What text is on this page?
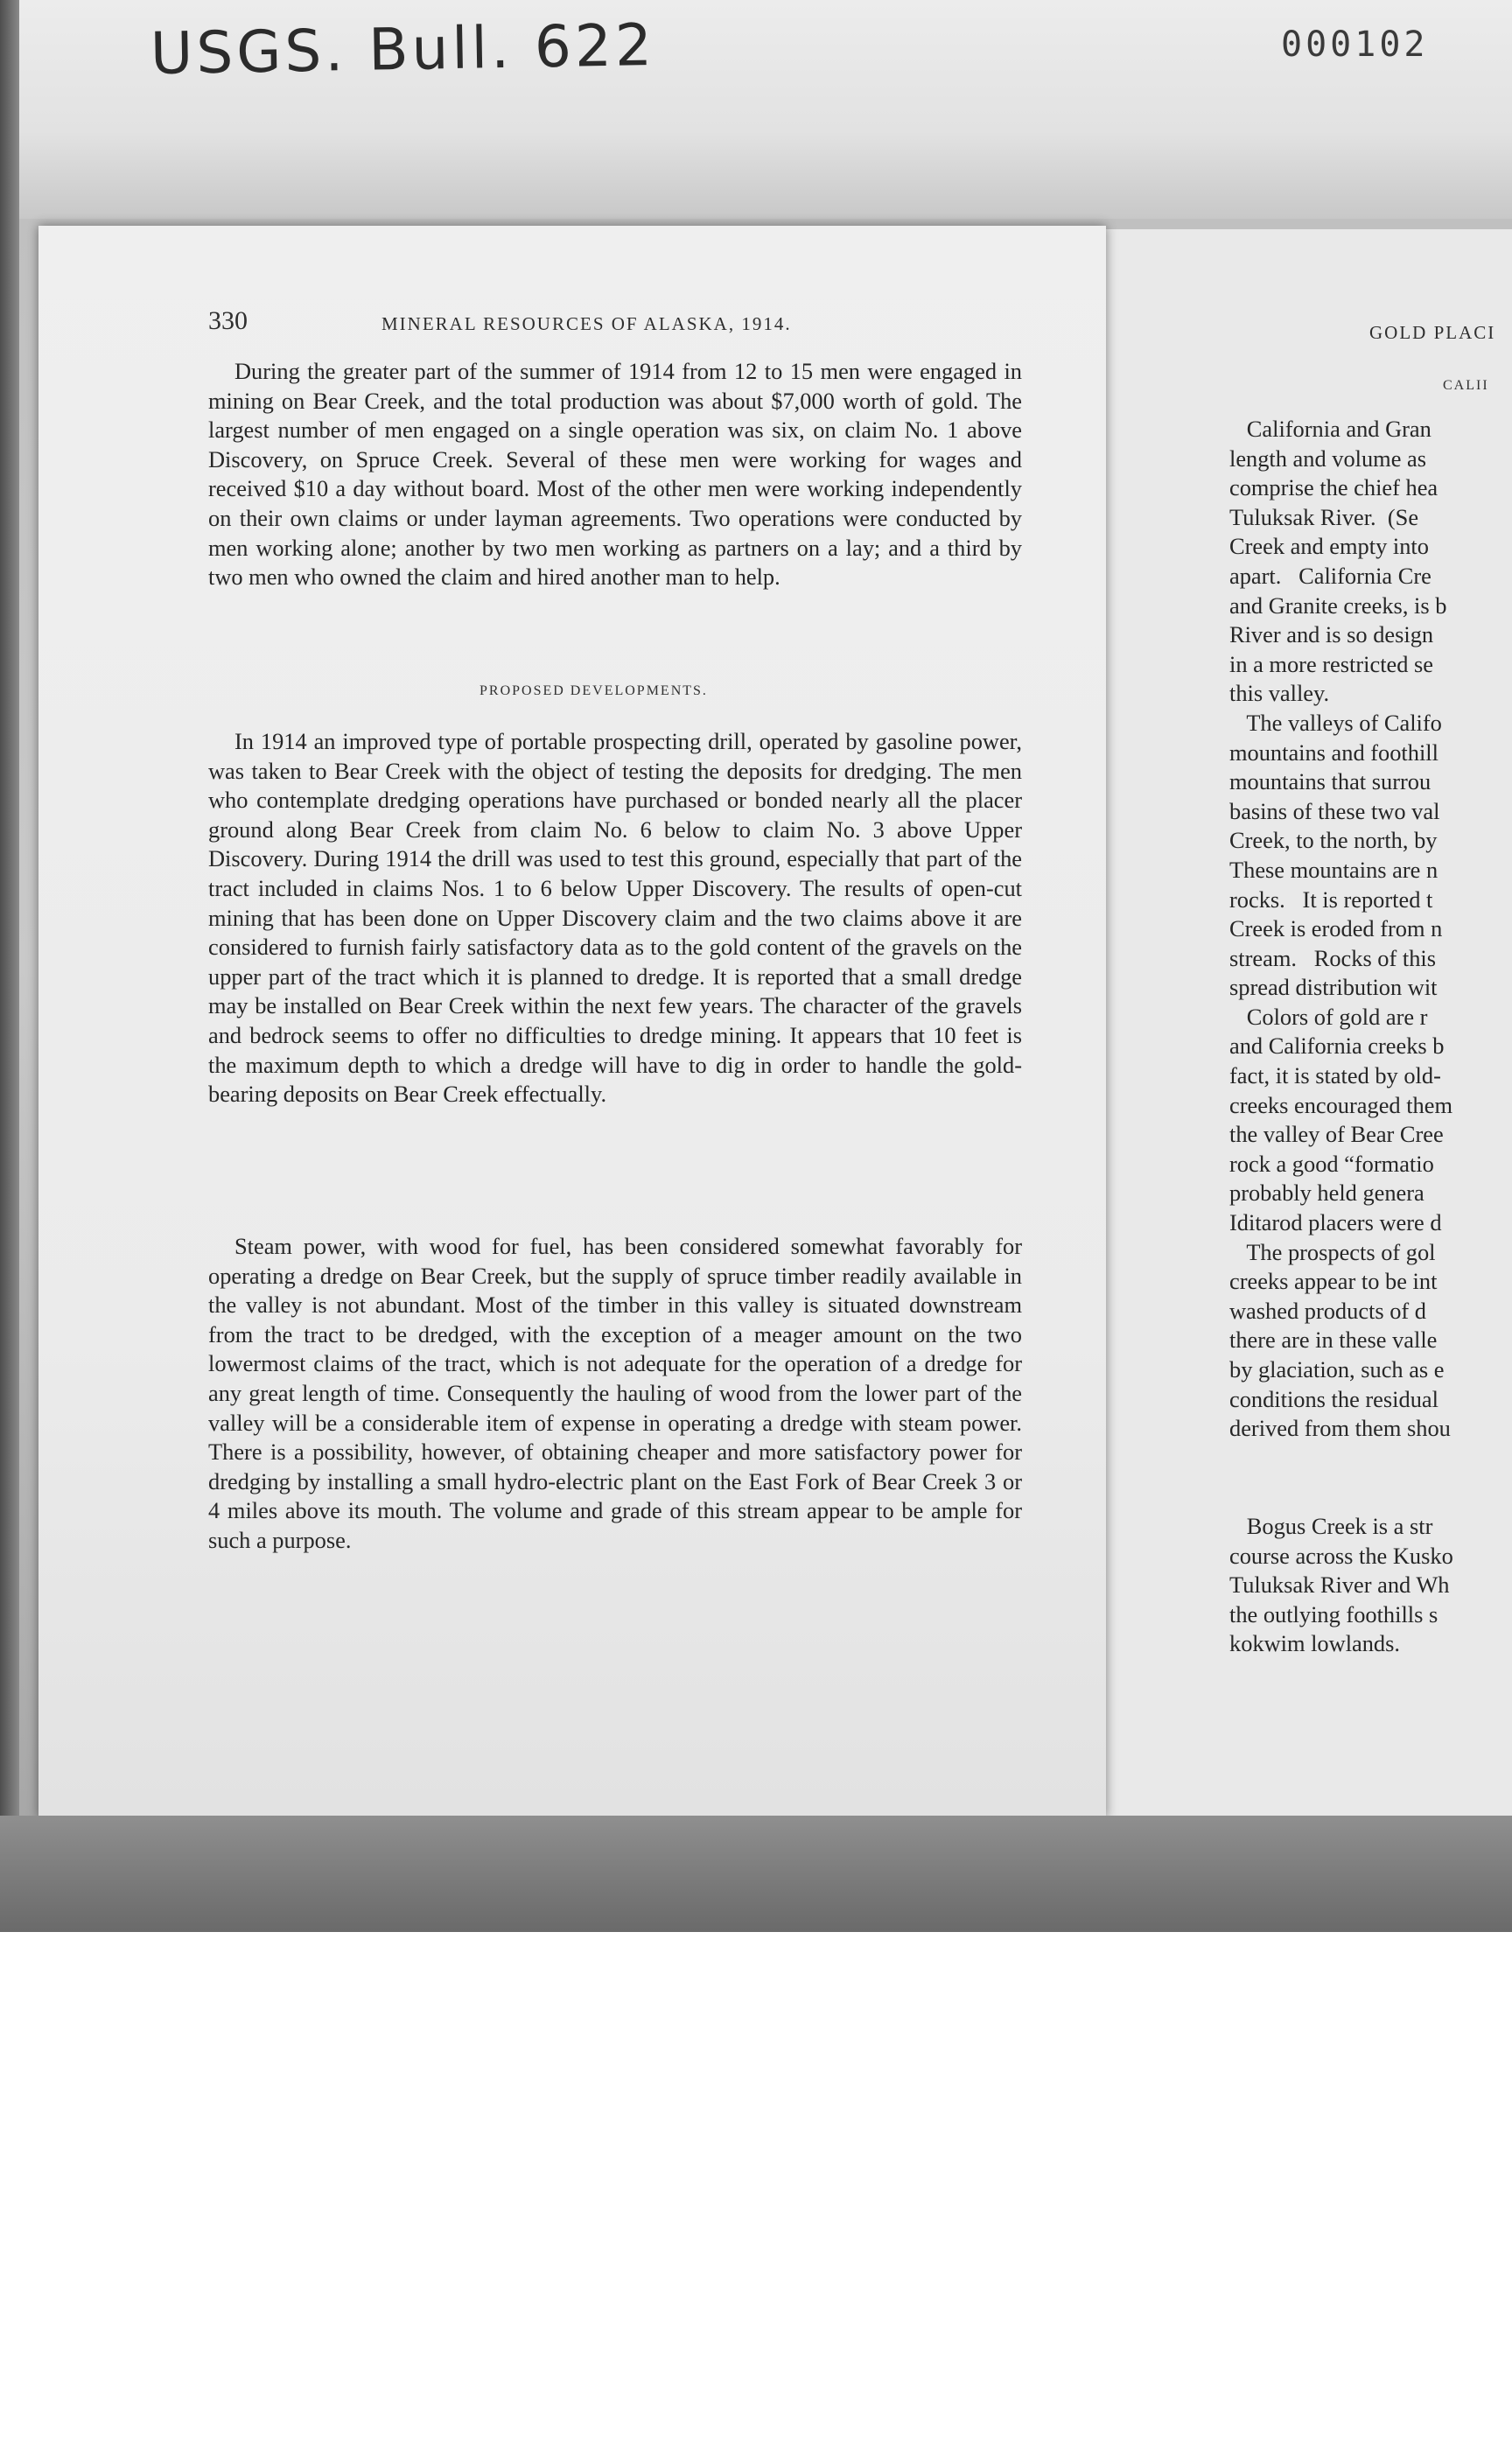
USGS. Bull. 622	000102
GOLD PLACI
CALII

California and Gran
length and volume as
comprise the chief hea
Tuluksak River.  (Se
Creek and empty into
apart.   California Cre
and Granite creeks, is b
River and is so design
in a more restricted se
this valley.
The valleys of Califo
mountains and foothill
mountains that surrou
basins of these two val
Creek, to the north, by
These mountains are n
rocks.   It is reported t
Creek is eroded from n
stream.   Rocks of this
spread distribution wit
Colors of gold are r
and California creeks b
fact, it is stated by old-
creeks encouraged them
the valley of Bear Cree
rock a good “formatio
probably held genera
Iditarod placers were d
The prospects of gol
creeks appear to be int
washed products of d
there are in these valle
by glaciation, such as e
conditions the residual
derived from them shou

Bogus Creek is a str
course across the Kusko
Tuluksak River and Wh
the outlying foothills s
kokwim lowlands.

330	MINERAL RESOURCES OF ALASKA, 1914.

During the greater part of the summer of 1914 from 12 to 15 men were engaged in mining on Bear Creek, and the total production was about $7,000 worth of gold. The largest number of men engaged on a single operation was six, on claim No. 1 above Discovery, on Spruce Creek. Several of these men were working for wages and received $10 a day without board. Most of the other men were working independently on their own claims or under layman agreements. Two operations were conducted by men working alone; another by two men working as partners on a lay; and a third by two men who owned the claim and hired another man to help.

PROPOSED DEVELOPMENTS.

In 1914 an improved type of portable prospecting drill, operated by gasoline power, was taken to Bear Creek with the object of testing the deposits for dredging. The men who contemplate dredging operations have purchased or bonded nearly all the placer ground along Bear Creek from claim No. 6 below to claim No. 3 above Upper Discovery. During 1914 the drill was used to test this ground, especially that part of the tract included in claims Nos. 1 to 6 below Upper Discovery. The results of open-cut mining that has been done on Upper Discovery claim and the two claims above it are considered to furnish fairly satisfactory data as to the gold content of the gravels on the upper part of the tract which it is planned to dredge. It is reported that a small dredge may be installed on Bear Creek within the next few years. The character of the gravels and bedrock seems to offer no difficulties to dredge mining. It appears that 10 feet is the maximum depth to which a dredge will have to dig in order to handle the gold-bearing deposits on Bear Creek effectually.

Steam power, with wood for fuel, has been considered somewhat favorably for operating a dredge on Bear Creek, but the supply of spruce timber readily available in the valley is not abundant. Most of the timber in this valley is situated downstream from the tract to be dredged, with the exception of a meager amount on the two lowermost claims of the tract, which is not adequate for the operation of a dredge for any great length of time. Consequently the hauling of wood from the lower part of the valley will be a considerable item of expense in operating a dredge with steam power. There is a possibility, however, of obtaining cheaper and more satisfactory power for dredging by installing a small hydro-electric plant on the East Fork of Bear Creek 3 or 4 miles above its mouth. The volume and grade of this stream appear to be ample for such a purpose.
